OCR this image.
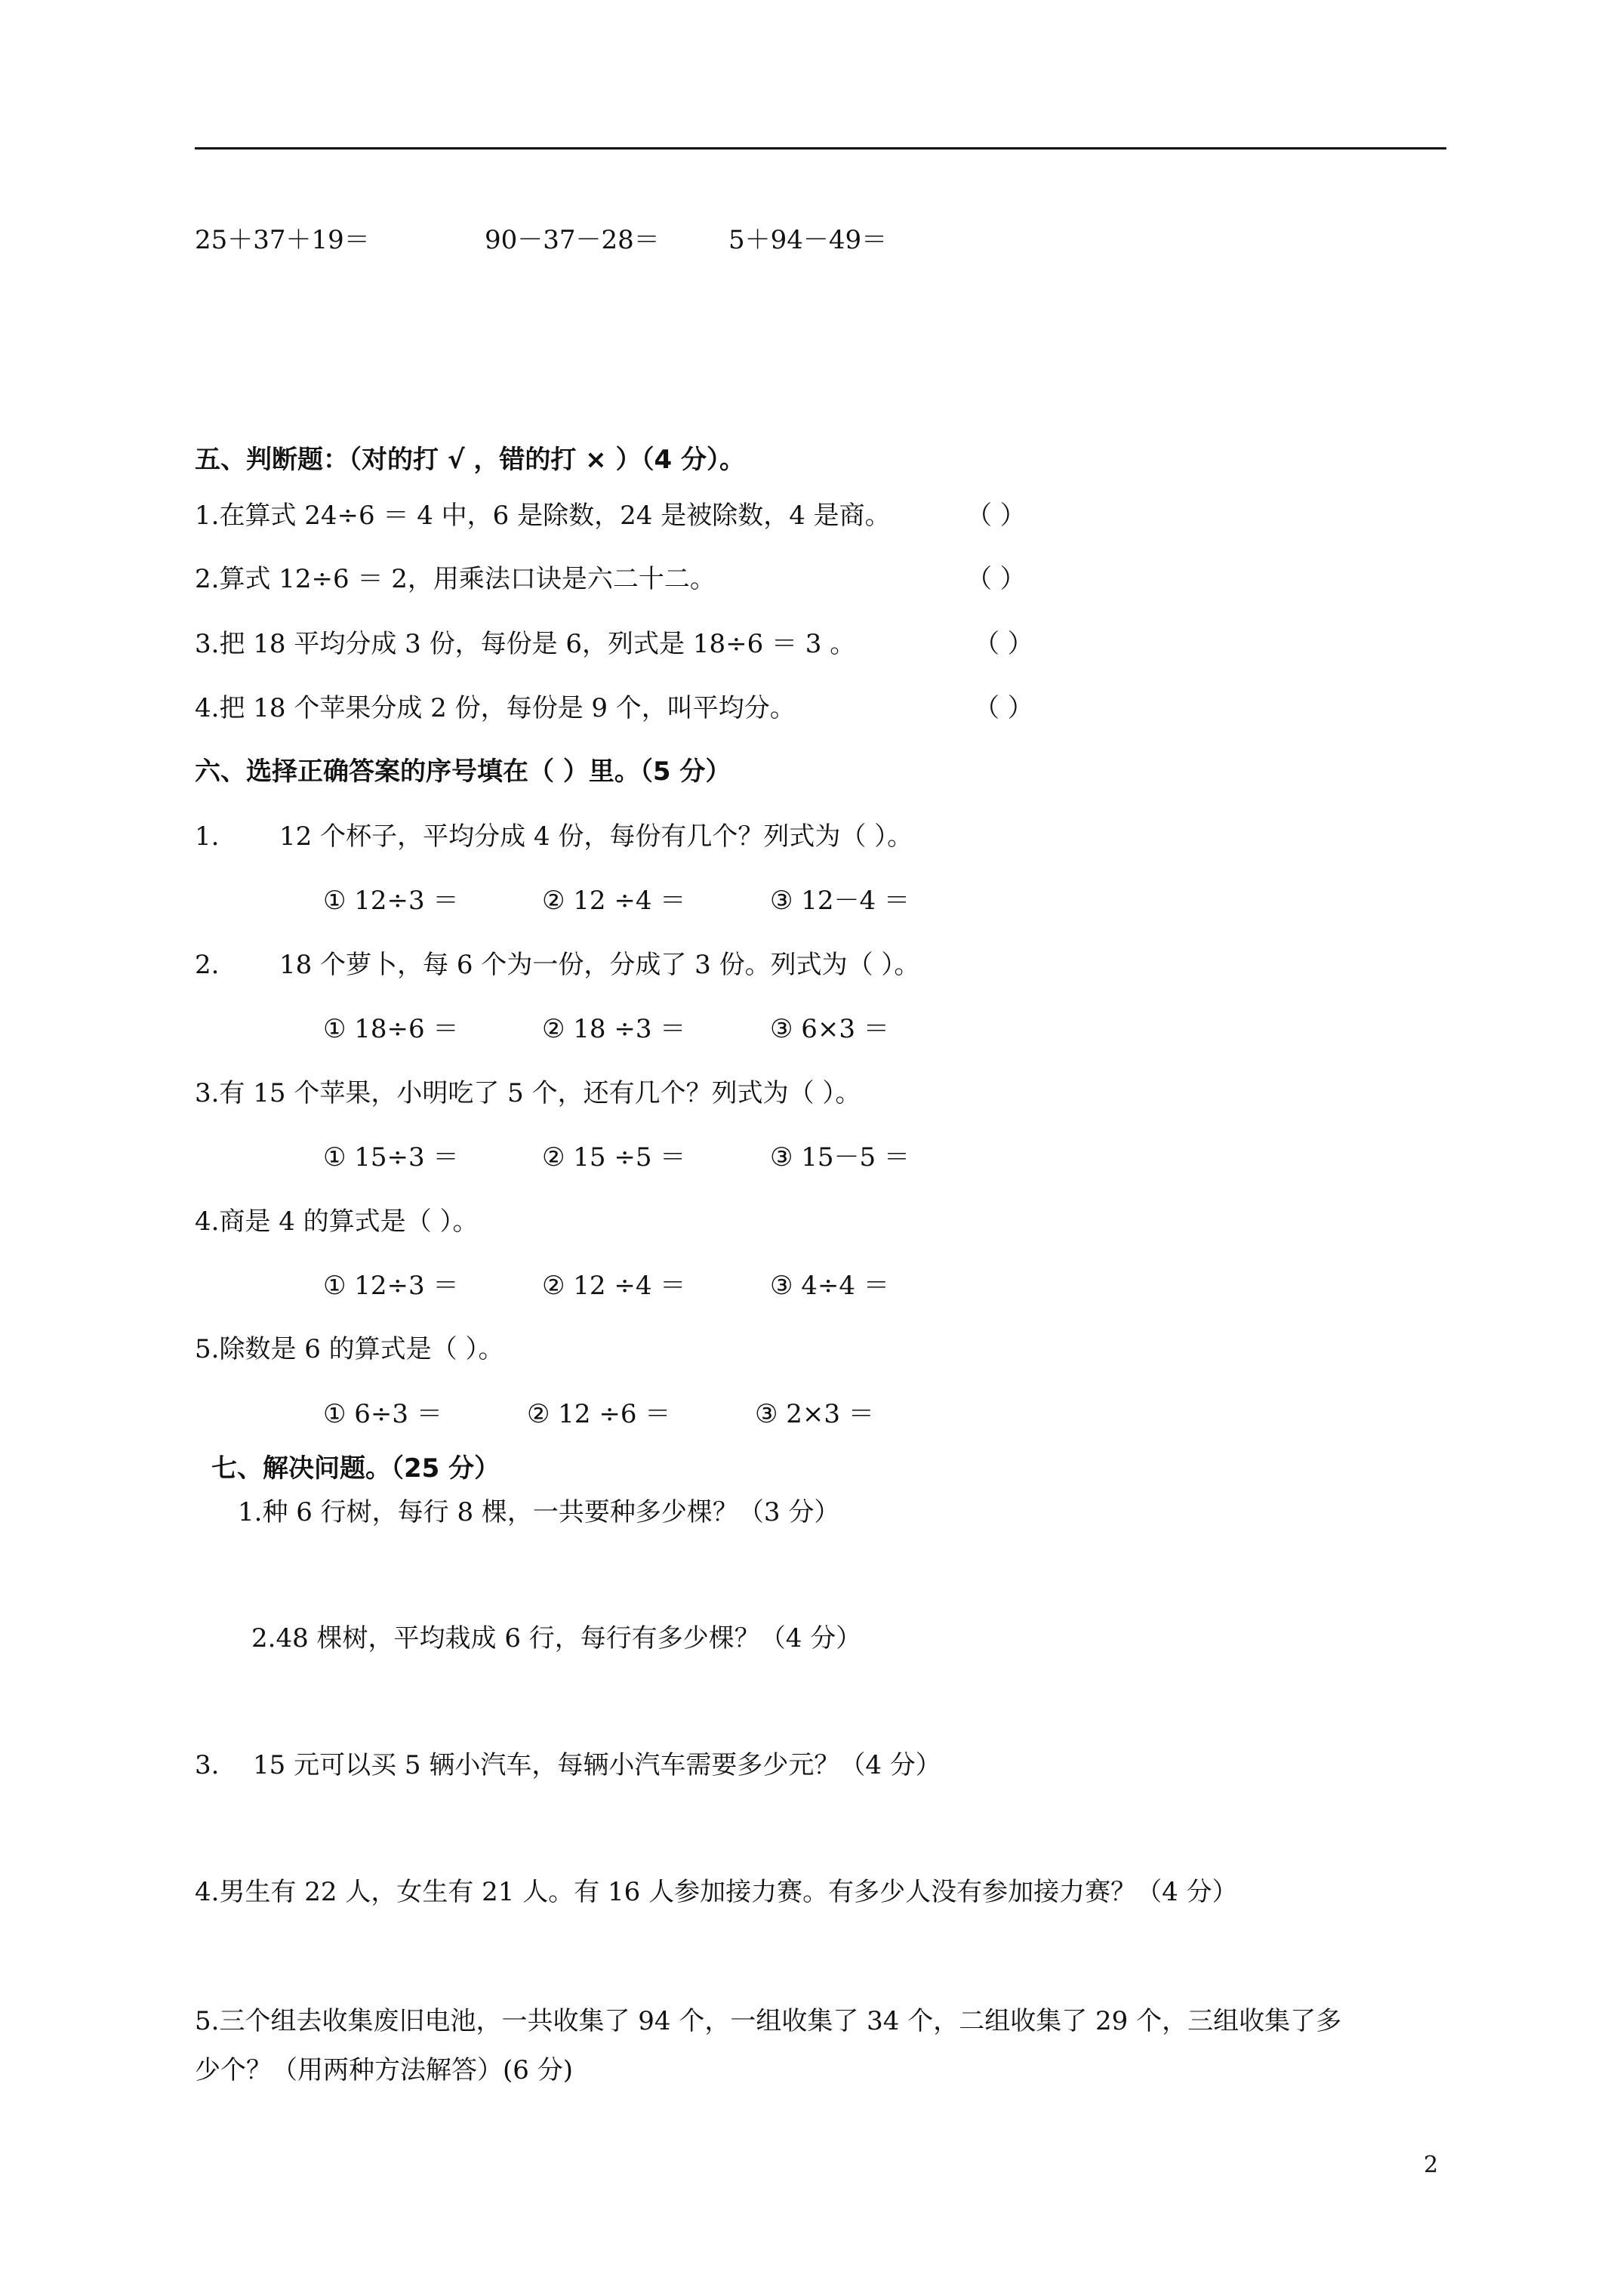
25＋37＋19＝	90－37－28＝	5＋94－49＝
五、判断题：（对的打 √ ，错的打 × ）（4 分）。
1.在算式 24÷6 ＝ 4 中，6 是除数，24 是被除数，4 是商。	（ ）
2.算式 12÷6 ＝ 2，用乘法口诀是六二十二。	（ ）
3.把 18 平均分成 3 份，每份是 6，列式是 18÷6 ＝ 3 。	（ ）
4.把 18 个苹果分成 2 份，每份是 9 个，叫平均分。	（ ）
六、选择正确答案的序号填在（ ）里。（5 分）
1. 12 个杯子，平均分成 4 份，每份有几个？列式为（ ）。
① 12÷3 ＝	② 12 ÷4 ＝	③ 12－4 ＝
2. 18 个萝卜，每 6 个为一份，分成了 3 份。列式为（ ）。
① 18÷6 ＝	② 18 ÷3 ＝	③ 6×3 ＝
3.有 15 个苹果，小明吃了 5 个，还有几个？列式为（ ）。
① 15÷3 ＝	② 15 ÷5 ＝	③ 15－5 ＝
4.商是 4 的算式是（ ）。
① 12÷3 ＝	② 12 ÷4 ＝	③ 4÷4 ＝
5.除数是 6 的算式是（ ）。
① 6÷3 ＝	② 12 ÷6 ＝	③ 2×3 ＝
七、解决问题。（25 分）
1.种 6 行树，每行 8 棵，一共要种多少棵？（3 分）
2.48 棵树，平均栽成 6 行，每行有多少棵？（4 分）
3. 15 元可以买 5 辆小汽车，每辆小汽车需要多少元？（4 分）
4.男生有 22 人，女生有 21 人。有 16 人参加接力赛。有多少人没有参加接力赛？（4 分）
5.三个组去收集废旧电池，一共收集了 94 个，一组收集了 34 个，二组收集了 29 个，三组收集了多
少个？（用两种方法解答）(6 分)
2
